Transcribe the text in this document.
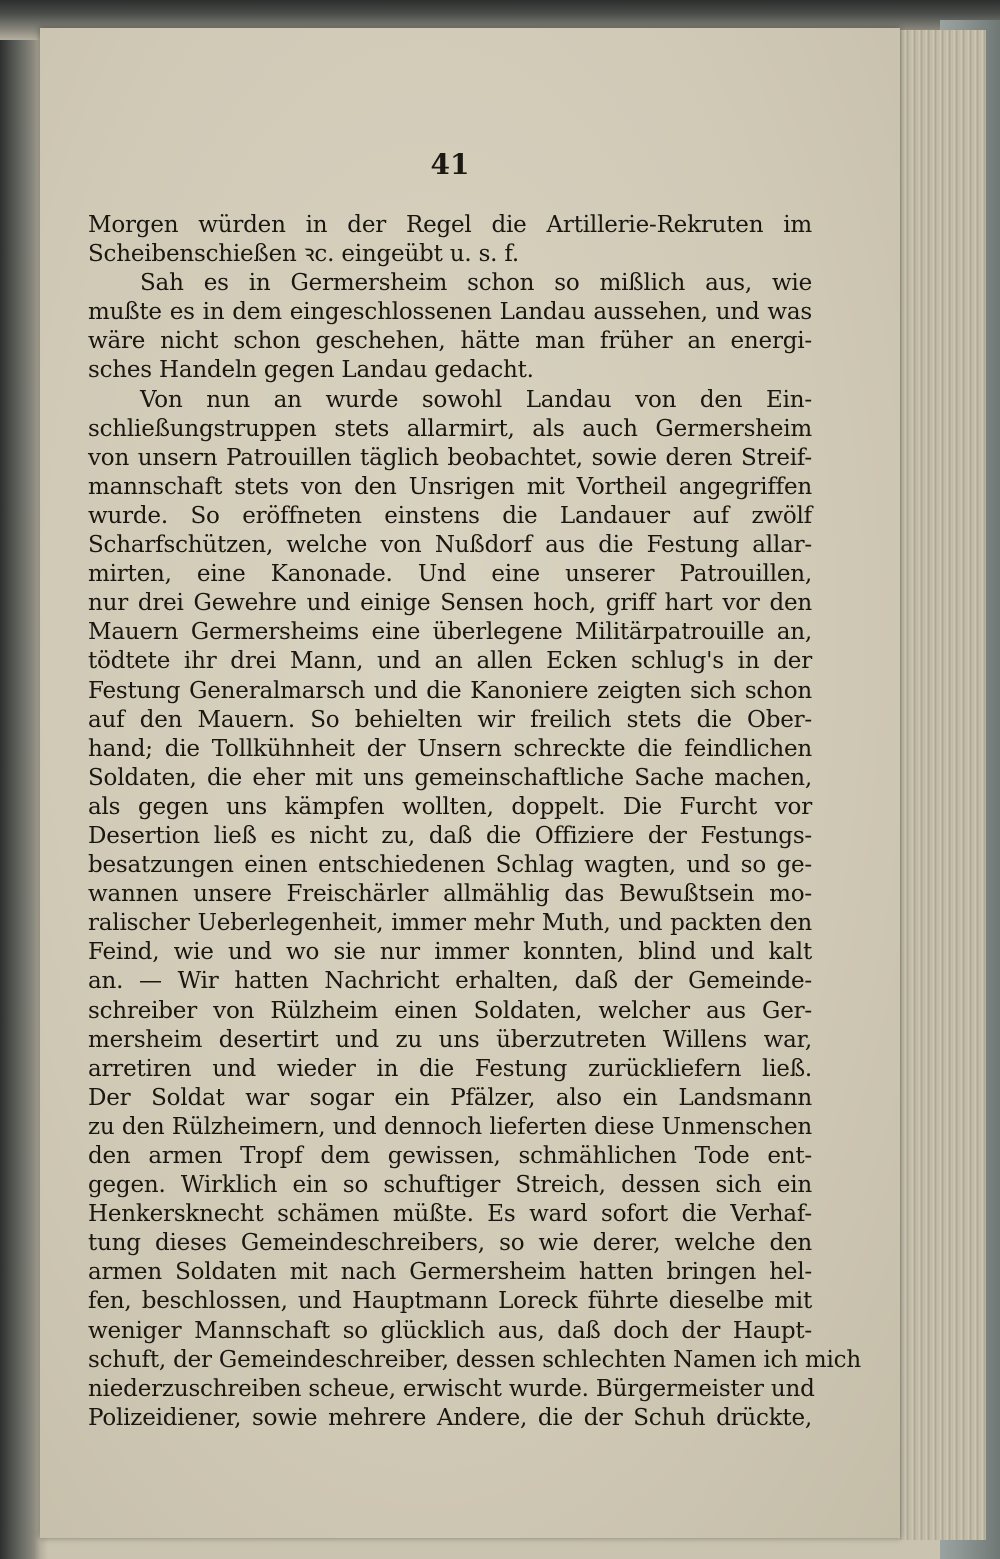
41
Morgen würden in der Regel die Artillerie-Rekruten im
Scheibenschießen ꝛc. eingeübt u. s. f.
Sah es in Germersheim schon so mißlich aus, wie
mußte es in dem eingeschlossenen Landau aussehen, und was
wäre nicht schon geschehen, hätte man früher an energi-
sches Handeln gegen Landau gedacht.
Von nun an wurde sowohl Landau von den Ein-
schließungstruppen stets allarmirt, als auch Germersheim
von unsern Patrouillen täglich beobachtet, sowie deren Streif-
mannschaft stets von den Unsrigen mit Vortheil angegriffen
wurde. So eröffneten einstens die Landauer auf zwölf
Scharfschützen, welche von Nußdorf aus die Festung allar-
mirten, eine Kanonade. Und eine unserer Patrouillen,
nur drei Gewehre und einige Sensen hoch, griff hart vor den
Mauern Germersheims eine überlegene Militärpatrouille an,
tödtete ihr drei Mann, und an allen Ecken schlug's in der
Festung Generalmarsch und die Kanoniere zeigten sich schon
auf den Mauern. So behielten wir freilich stets die Ober-
hand; die Tollkühnheit der Unsern schreckte die feindlichen
Soldaten, die eher mit uns gemeinschaftliche Sache machen,
als gegen uns kämpfen wollten, doppelt. Die Furcht vor
Desertion ließ es nicht zu, daß die Offiziere der Festungs-
besatzungen einen entschiedenen Schlag wagten, und so ge-
wannen unsere Freischärler allmählig das Bewußtsein mo-
ralischer Ueberlegenheit, immer mehr Muth, und packten den
Feind, wie und wo sie nur immer konnten, blind und kalt
an. — Wir hatten Nachricht erhalten, daß der Gemeinde-
schreiber von Rülzheim einen Soldaten, welcher aus Ger-
mersheim desertirt und zu uns überzutreten Willens war,
arretiren und wieder in die Festung zurückliefern ließ.
Der Soldat war sogar ein Pfälzer, also ein Landsmann
zu den Rülzheimern, und dennoch lieferten diese Unmenschen
den armen Tropf dem gewissen, schmählichen Tode ent-
gegen. Wirklich ein so schuftiger Streich, dessen sich ein
Henkersknecht schämen müßte. Es ward sofort die Verhaf-
tung dieses Gemeindeschreibers, so wie derer, welche den
armen Soldaten mit nach Germersheim hatten bringen hel-
fen, beschlossen, und Hauptmann Loreck führte dieselbe mit
weniger Mannschaft so glücklich aus, daß doch der Haupt-
schuft, der Gemeindeschreiber, dessen schlechten Namen ich mich
niederzuschreiben scheue, erwischt wurde. Bürgermeister und
Polizeidiener, sowie mehrere Andere, die der Schuh drückte,
